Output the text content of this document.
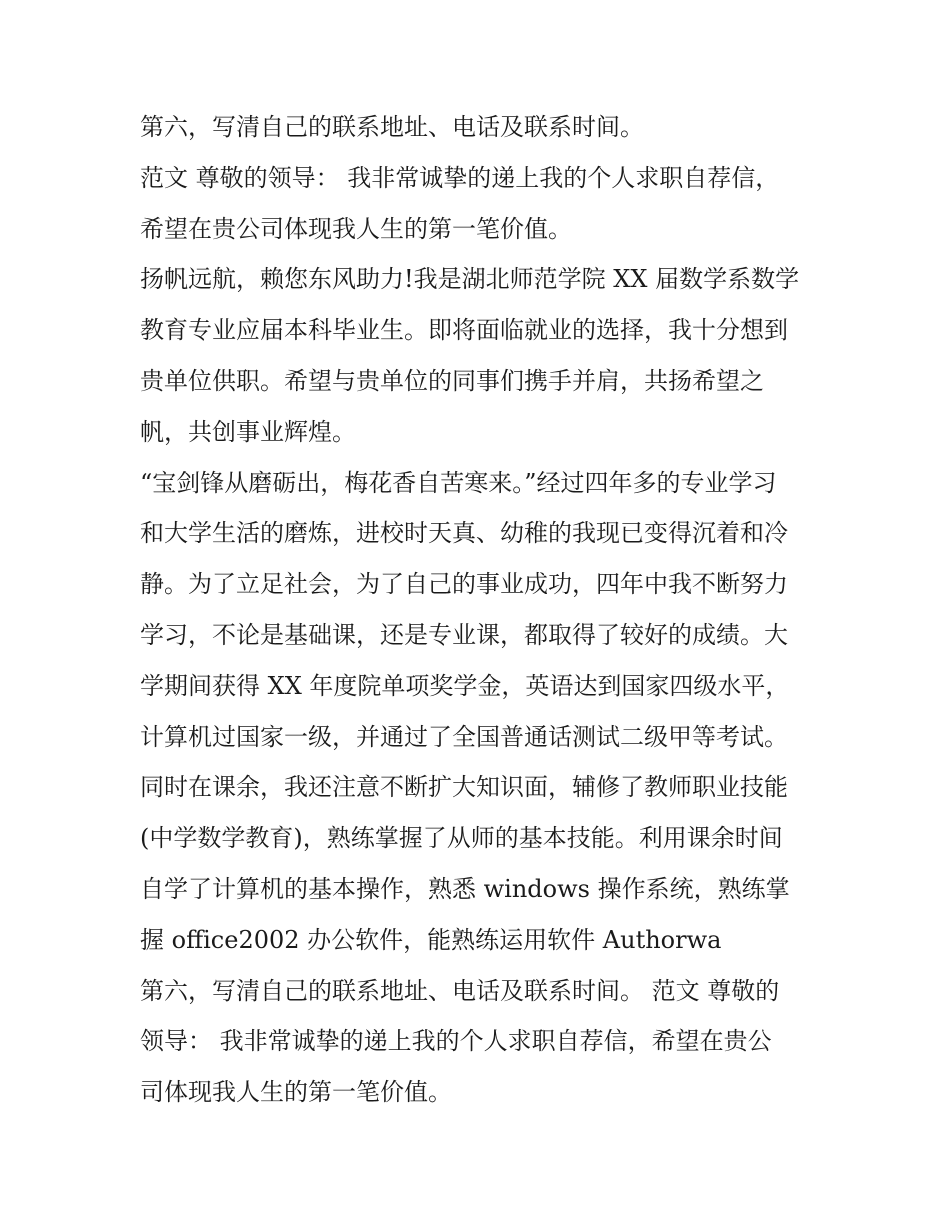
第六，写清自己的联系地址、电话及联系时间。
范文 尊敬的领导： 我非常诚挚的递上我的个人求职自荐信，
希望在贵公司体现我人生的第一笔价值。
扬帆远航，赖您东风助力!我是湖北师范学院 XX 届数学系数学
教育专业应届本科毕业生。即将面临就业的选择，我十分想到
贵单位供职。希望与贵单位的同事们携手并肩，共扬希望之
帆，共创事业辉煌。
“宝剑锋从磨砺出，梅花香自苦寒来。”经过四年多的专业学习
和大学生活的磨炼，进校时天真、幼稚的我现已变得沉着和冷
静。为了立足社会，为了自己的事业成功，四年中我不断努力
学习，不论是基础课，还是专业课，都取得了较好的成绩。大
学期间获得 XX 年度院单项奖学金，英语达到国家四级水平，
计算机过国家一级，并通过了全国普通话测试二级甲等考试。
同时在课余，我还注意不断扩大知识面，辅修了教师职业技能
(中学数学教育)，熟练掌握了从师的基本技能。利用课余时间
自学了计算机的基本操作，熟悉 windows 操作系统，熟练掌
握 office2002 办公软件，能熟练运用软件 Authorwa
第六，写清自己的联系地址、电话及联系时间。 范文 尊敬的
领导： 我非常诚挚的递上我的个人求职自荐信，希望在贵公
司体现我人生的第一笔价值。
